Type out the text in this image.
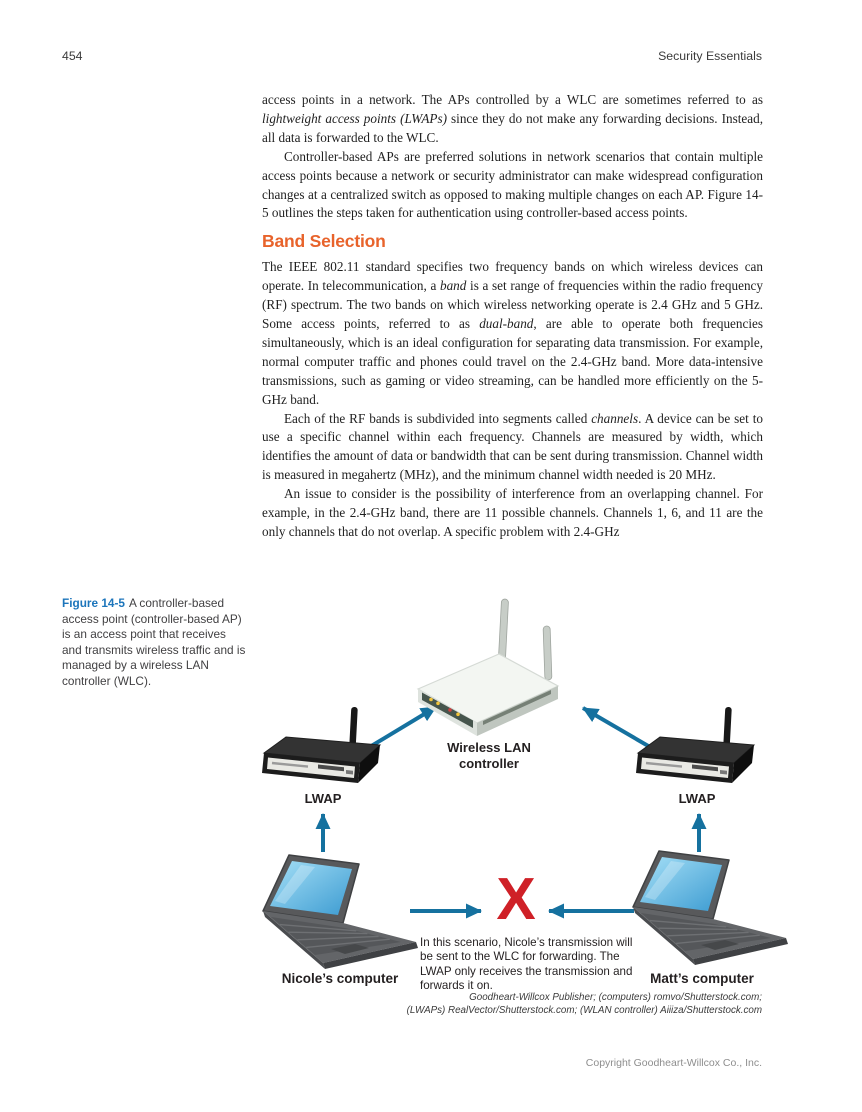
454	Security Essentials

access points in a network. The APs controlled by a WLC are sometimes referred to as lightweight access points (LWAPs) since they do not make any forwarding decisions. Instead, all data is forwarded to the WLC.

Controller-based APs are preferred solutions in network scenarios that contain multiple access points because a network or security administrator can make widespread configuration changes at a centralized switch as opposed to making multiple changes on each AP. Figure 14-5 outlines the steps taken for authentication using controller-based access points.

Band Selection

The IEEE 802.11 standard specifies two frequency bands on which wireless devices can operate. In telecommunication, a band is a set range of frequencies within the radio frequency (RF) spectrum. The two bands on which wireless networking operate is 2.4 GHz and 5 GHz. Some access points, referred to as dual-band, are able to operate both frequencies simultaneously, which is an ideal configuration for separating data transmission. For example, normal computer traffic and phones could travel on the 2.4-GHz band. More data-intensive transmissions, such as gaming or video streaming, can be handled more efficiently on the 5-GHz band.

Each of the RF bands is subdivided into segments called channels. A device can be set to use a specific channel within each frequency. Channels are measured by width, which identifies the amount of data or bandwidth that can be sent during transmission. Channel width is measured in megahertz (MHz), and the minimum channel width needed is 20 MHz.

An issue to consider is the possibility of interference from an overlapping channel. For example, in the 2.4-GHz band, there are 11 possible channels. Channels 1, 6, and 11 are the only channels that do not overlap. A specific problem with 2.4-GHz

Figure 14-5 A controller-based access point (controller-based AP) is an access point that receives and transmits wireless traffic and is managed by a wireless LAN controller (WLC).
Wireless LAN controller
LWAP	LWAP
Nicole’s computer	Matt’s computer
X
In this scenario, Nicole’s transmission will be sent to the WLC for forwarding. The LWAP only receives the transmission and forwards it on.
Goodheart-Willcox Publisher; (computers) romvo/Shutterstock.com;
(LWAPs) RealVector/Shutterstock.com; (WLAN controller) Aiiiza/Shutterstock.com
Copyright Goodheart-Willcox Co., Inc.
